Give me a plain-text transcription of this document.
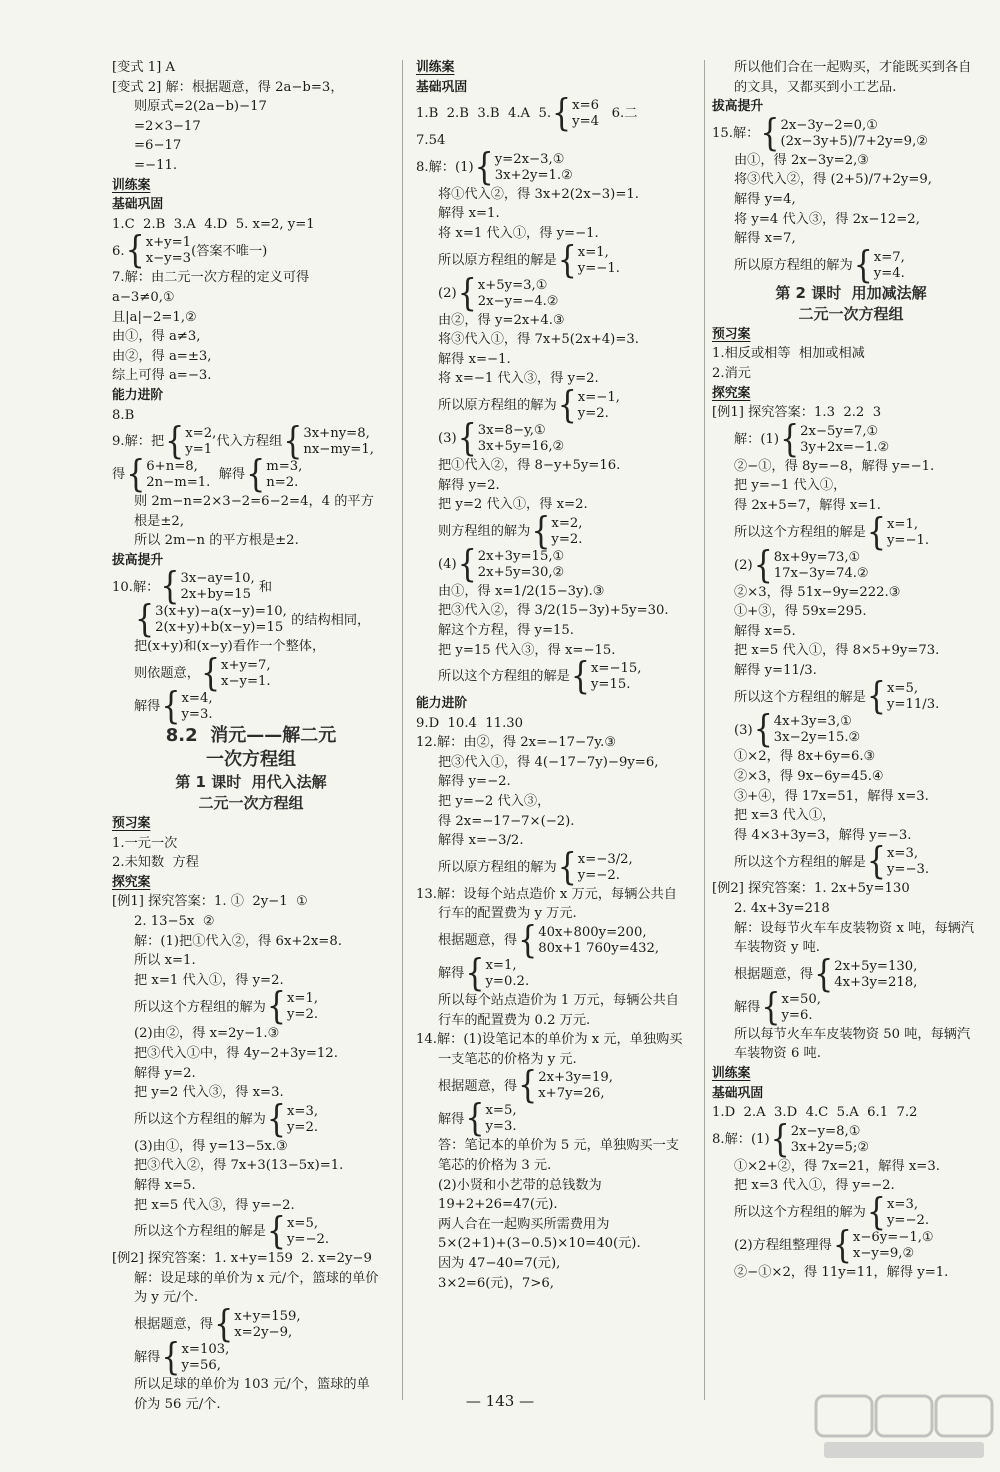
[变式 1] A
[变式 2] 解：根据题意，得 2a−b=3，
则原式=2(2a−b)−17
=2×3−17
=6−17
=−11.
训练案
基础巩固
1.C  2.B  3.A  4.D  5. x=2, y=1
6. { x+y=1
x−y=3
(答案不唯一)
7.解：由二元一次方程的定义可得
a−3≠0,①
且|a|−2=1,②
由①，得 a≠3,
由②，得 a=±3,
综上可得 a=−3.
能力进阶
8.B
9.解：把 { x=2,
y=1
代入方程组 { 3x+ny=8,
nx−my=1,
得 { 6+n=8,
2n−m=1.
解得 { m=3,
n=2.
则 2m−n=2×3−2=6−2=4，4 的平方
根是±2,
所以 2m−n 的平方根是±2.
拔高提升
10.解： { 3x−ay=10,
2x+by=15
和
{ 3(x+y)−a(x−y)=10,
2(x+y)+b(x−y)=15
的结构相同，
把(x+y)和(x−y)看作一个整体，
则依题意， { x+y=7,
x−y=1.
解得 { x=4,
y=3.
8.2  消元——解二元
一次方程组
第 1 课时  用代入法解
二元一次方程组
预习案
1.一元一次
2.未知数  方程
探究案
[例1] 探究答案：1. ①  2y−1  ①
2. 13−5x  ②
解：(1)把①代入②，得 6x+2x=8.
所以 x=1.
把 x=1 代入①，得 y=2.
所以这个方程组的解为 { x=1,
y=2.
(2)由②，得 x=2y−1.③
把③代入①中，得 4y−2+3y=12.
解得 y=2.
把 y=2 代入③，得 x=3.
所以这个方程组的解为 { x=3,
y=2.
(3)由①，得 y=13−5x.③
把③代入②，得 7x+3(13−5x)=1.
解得 x=5.
把 x=5 代入③，得 y=−2.
所以这个方程组的解是 { x=5,
y=−2.
[例2] 探究答案：1. x+y=159  2. x=2y−9
解：设足球的单价为 x 元/个，篮球的单价
为 y 元/个.
根据题意，得 { x+y=159,
x=2y−9,
解得 { x=103,
y=56,
所以足球的单价为 103 元/个，篮球的单
价为 56 元/个.
训练案
基础巩固
1.B  2.B  3.B  4.A  5. { x=6
y=4
6.二
7.54
8.解：(1) { y=2x−3,①
3x+2y=1.②
将①代入②，得 3x+2(2x−3)=1.
解得 x=1.
将 x=1 代入①，得 y=−1.
所以原方程组的解是 { x=1,
y=−1.
(2) { x+5y=3,①
2x−y=−4.②
由②，得 y=2x+4.③
将③代入①，得 7x+5(2x+4)=3.
解得 x=−1.
将 x=−1 代入③，得 y=2.
所以原方程组的解为 { x=−1,
y=2.
(3) { 3x=8−y,①
3x+5y=16,②
把①代入②，得 8−y+5y=16.
解得 y=2.
把 y=2 代入①，得 x=2.
则方程组的解为 { x=2,
y=2.
(4) { 2x+3y=15,①
2x+5y=30,②
由①，得 x=1/2(15−3y).③
把③代入②，得 3/2(15−3y)+5y=30.
解这个方程，得 y=15.
把 y=15 代入③，得 x=−15.
所以这个方程组的解是 { x=−15,
y=15.
能力进阶
9.D  10.4  11.30
12.解：由②，得 2x=−17−7y.③
把③代入①，得 4(−17−7y)−9y=6,
解得 y=−2.
把 y=−2 代入③，
得 2x=−17−7×(−2).
解得 x=−3/2.
所以原方程组的解为 { x=−3/2,
y=−2.
13.解：设每个站点造价 x 万元，每辆公共自
行车的配置费为 y 万元.
根据题意，得 { 40x+800y=200,
80x+1 760y=432,
解得 { x=1,
y=0.2.
所以每个站点造价为 1 万元，每辆公共自
行车的配置费为 0.2 万元.
14.解：(1)设笔记本的单价为 x 元，单独购买
一支笔芯的价格为 y 元.
根据题意，得 { 2x+3y=19,
x+7y=26,
解得 { x=5,
y=3.
答：笔记本的单价为 5 元，单独购买一支
笔芯的价格为 3 元.
(2)小贤和小艺带的总钱数为
19+2+26=47(元).
两人合在一起购买所需费用为
5×(2+1)+(3−0.5)×10=40(元).
因为 47−40=7(元),
3×2=6(元)，7>6,
所以他们合在一起购买，才能既买到各自
的文具，又都买到小工艺品.
拔高提升
15.解： { 2x−3y−2=0,①
(2x−3y+5)/7+2y=9,②
由①，得 2x−3y=2,③
将③代入②，得 (2+5)/7+2y=9,
解得 y=4,
将 y=4 代入③，得 2x−12=2,
解得 x=7,
所以原方程组的解为 { x=7,
y=4.
第 2 课时  用加减法解
二元一次方程组
预习案
1.相反或相等  相加或相减
2.消元
探究案
[例1] 探究答案：1.3  2.2  3
解：(1) { 2x−5y=7,①
3y+2x=−1.②
②−①，得 8y=−8，解得 y=−1.
把 y=−1 代入①，
得 2x+5=7，解得 x=1.
所以这个方程组的解是 { x=1,
y=−1.
(2) { 8x+9y=73,①
17x−3y=74.②
②×3，得 51x−9y=222.③
①+③，得 59x=295.
解得 x=5.
把 x=5 代入①，得 8×5+9y=73.
解得 y=11/3.
所以这个方程组的解是 { x=5,
y=11/3.
(3) { 4x+3y=3,①
3x−2y=15.②
①×2，得 8x+6y=6.③
②×3，得 9x−6y=45.④
③+④，得 17x=51，解得 x=3.
把 x=3 代入①，
得 4×3+3y=3，解得 y=−3.
所以这个方程组的解是 { x=3,
y=−3.
[例2] 探究答案：1. 2x+5y=130
2. 4x+3y=218
解：设每节火车车皮装物资 x 吨，每辆汽
车装物资 y 吨.
根据题意，得 { 2x+5y=130,
4x+3y=218,
解得 { x=50,
y=6.
所以每节火车车皮装物资 50 吨，每辆汽
车装物资 6 吨.
训练案
基础巩固
1.D  2.A  3.D  4.C  5.A  6.1  7.2
8.解：(1) { 2x−y=8,①
3x+2y=5;②
①×2+②，得 7x=21，解得 x=3.
把 x=3 代入①，得 y=−2.
所以这个方程组的解为 { x=3,
y=−2.
(2)方程组整理得 { x−6y=−1,①
x−y=9,②
②−①×2，得 11y=11，解得 y=1.
— 143 —
